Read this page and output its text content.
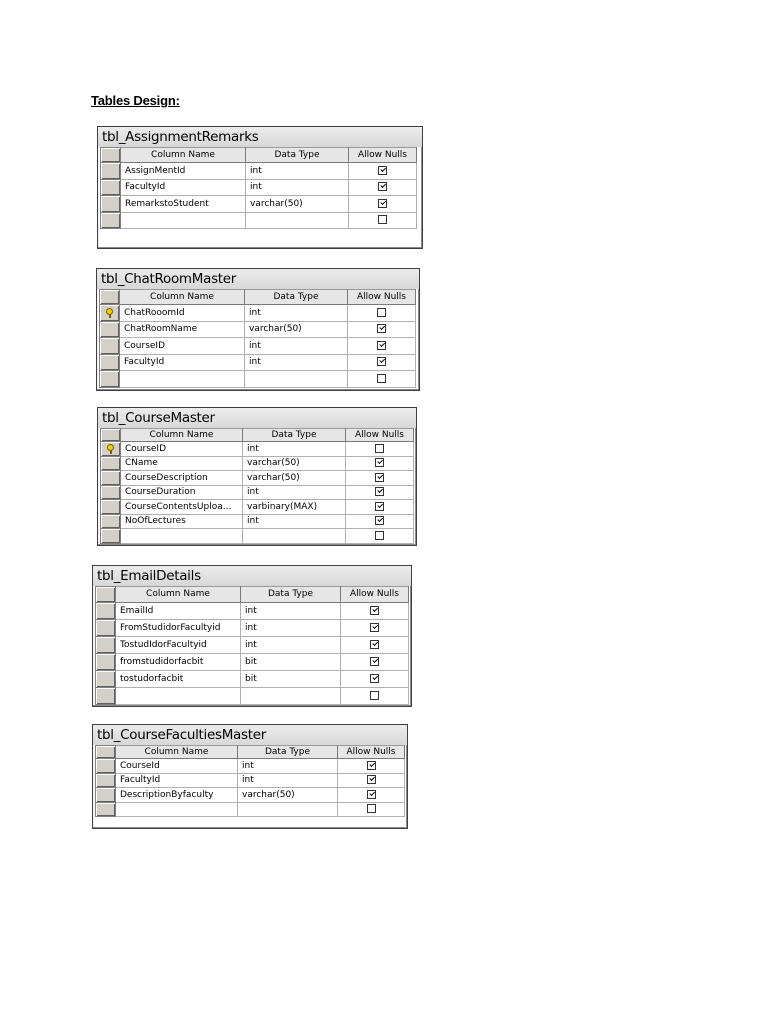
Tables Design:
tbl_AssignmentRemarks
	Column Name	Data Type	Allow Nulls
	AssignMentId	int	
	FacultyId	int	
	RemarkstoStudent	varchar(50)	

tbl_ChatRoomMaster
	Column Name	Data Type	Allow Nulls
	ChatRooomId	int	
	ChatRoomName	varchar(50)	
	CourseID	int	
	FacultyId	int	

tbl_CourseMaster
	Column Name	Data Type	Allow Nulls
	CourseID	int	
	CName	varchar(50)	
	CourseDescription	varchar(50)	
	CourseDuration	int	
	CourseContentsUploa...	varbinary(MAX)	
	NoOfLectures	int	

tbl_EmailDetails
	Column Name	Data Type	Allow Nulls
	EmailId	int	
	FromStudidorFacultyid	int	
	TostudIdorFacultyid	int	
	fromstudidorfacbit	bit	
	tostudorfacbit	bit	

tbl_CourseFacultiesMaster
	Column Name	Data Type	Allow Nulls
	CourseId	int	
	FacultyId	int	
	DescriptionByfaculty	varchar(50)	
